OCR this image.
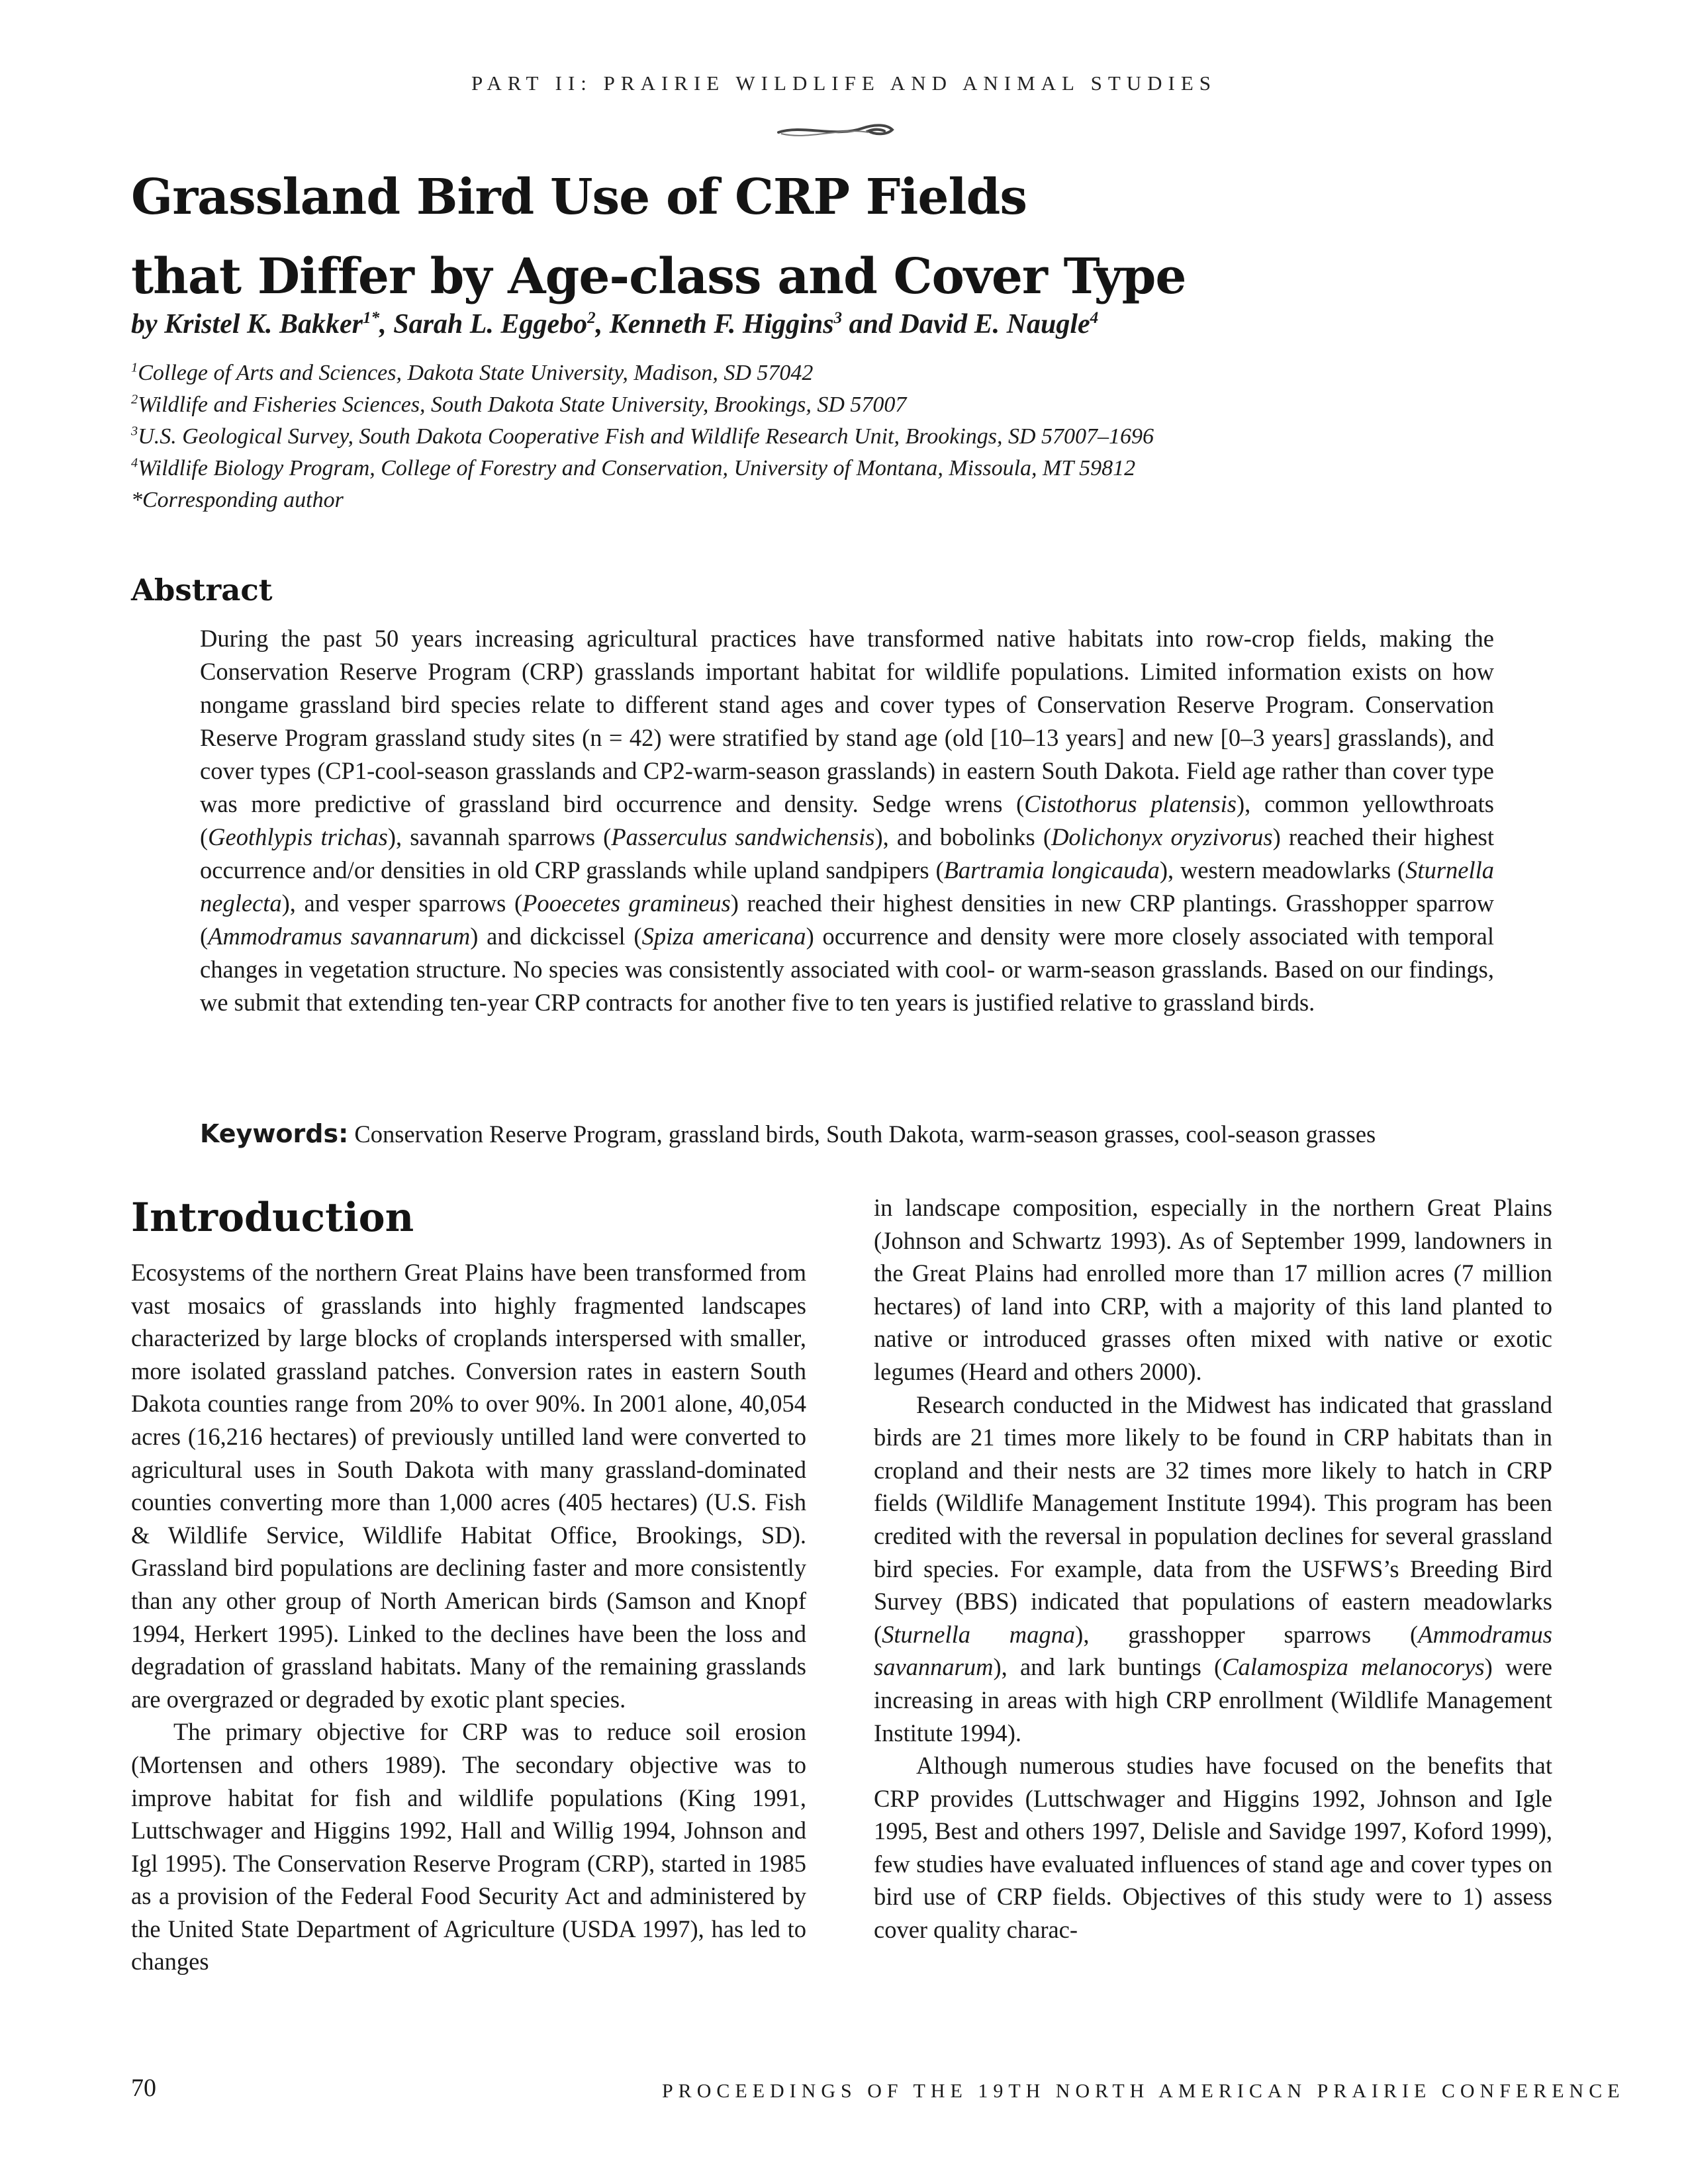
PART II: PRAIRIE WILDLIFE AND ANIMAL STUDIES
Grassland Bird Use of CRP Fields
that Differ by Age-class and Cover Type
by Kristel K. Bakker$^{1*}$, Sarah L. Eggebo$^2$, Kenneth F. Higgins$^3$ and David E. Naugle$^4$
$^1$College of Arts and Sciences, Dakota State University, Madison, SD 57042
$^2$Wildlife and Fisheries Sciences, South Dakota State University, Brookings, SD 57007
$^3$U.S. Geological Survey, South Dakota Cooperative Fish and Wildlife Research Unit, Brookings, SD 57007–1696
$^4$Wildlife Biology Program, College of Forestry and Conservation, University of Montana, Missoula, MT 59812
*Corresponding author
Abstract
During the past 50 years increasing agricultural practices have transformed native habitats into row-crop fields, making the Conservation Reserve Program (CRP) grasslands important habitat for wildlife populations. Limited information exists on how nongame grassland bird species relate to different stand ages and cover types of Conservation Reserve Program. Conservation Reserve Program grassland study sites (n = 42) were stratified by stand age (old [10–13 years] and new [0–3 years] grasslands), and cover types (CP1-cool-season grasslands and CP2-warm-season grasslands) in eastern South Dakota. Field age rather than cover type was more predictive of grassland bird occurrence and density. Sedge wrens (Cistothorus platensis), common yellowthroats (Geothlypis trichas), savannah sparrows (Passerculus sandwichensis), and bobolinks (Dolichonyx oryzivorus) reached their highest occurrence and/or densities in old CRP grasslands while upland sandpipers (Bartramia longicauda), western meadowlarks (Sturnella neglecta), and vesper sparrows (Pooecetes gramineus) reached their highest densities in new CRP plantings. Grasshopper sparrow (Ammodramus savannarum) and dickcissel (Spiza americana) occurrence and density were more closely associated with temporal changes in vegetation structure. No species was consistently associated with cool- or warm-season grasslands. Based on our findings, we submit that extending ten-year CRP contracts for another five to ten years is justified relative to grassland birds.
Keywords: Conservation Reserve Program, grassland birds, South Dakota, warm-season grasses, cool-season grasses
Introduction

Ecosystems of the northern Great Plains have been transformed from vast mosaics of grasslands into highly fragmented landscapes characterized by large blocks of croplands interspersed with smaller, more isolated grassland patches. Conversion rates in eastern South Dakota counties range from 20% to over 90%. In 2001 alone, 40,054 acres (16,216 hectares) of previously untilled land were converted to agricultural uses in South Dakota with many grassland-dominated counties converting more than 1,000 acres (405 hectares) (U.S. Fish & Wildlife Service, Wildlife Habitat Office, Brookings, SD). Grassland bird populations are declining faster and more consistently than any other group of North American birds (Samson and Knopf 1994, Herkert 1995). Linked to the declines have been the loss and degradation of grassland habitats. Many of the remaining grasslands are overgrazed or degraded by exotic plant species.

The primary objective for CRP was to reduce soil erosion (Mortensen and others 1989). The secondary objective was to improve habitat for fish and wildlife populations (King 1991, Luttschwager and Higgins 1992, Hall and Willig 1994, Johnson and Igl 1995). The Conservation Reserve Program (CRP), started in 1985 as a provision of the Federal Food Security Act and administered by the United State Department of Agriculture (USDA 1997), has led to changes

in landscape composition, especially in the northern Great Plains (Johnson and Schwartz 1993). As of September 1999, landowners in the Great Plains had enrolled more than 17 million acres (7 million hectares) of land into CRP, with a majority of this land planted to native or introduced grasses often mixed with native or exotic legumes (Heard and others 2000).

Research conducted in the Midwest has indicated that grassland birds are 21 times more likely to be found in CRP habitats than in cropland and their nests are 32 times more likely to hatch in CRP fields (Wildlife Management Institute 1994). This program has been credited with the reversal in population declines for several grassland bird species. For example, data from the USFWS’s Breeding Bird Survey (BBS) indicated that populations of eastern meadowlarks (Sturnella magna), grasshopper sparrows (Ammodramus savannarum), and lark buntings (Calamospiza melanocorys) were increasing in areas with high CRP enrollment (Wildlife Management Institute 1994).

Although numerous studies have focused on the benefits that CRP provides (Luttschwager and Higgins 1992, Johnson and Igle 1995, Best and others 1997, Delisle and Savidge 1997, Koford 1999), few studies have evaluated influences of stand age and cover types on bird use of CRP fields. Objectives of this study were to 1) assess cover quality charac-

70	PROCEEDINGS OF THE 19TH NORTH AMERICAN PRAIRIE CONFERENCE
